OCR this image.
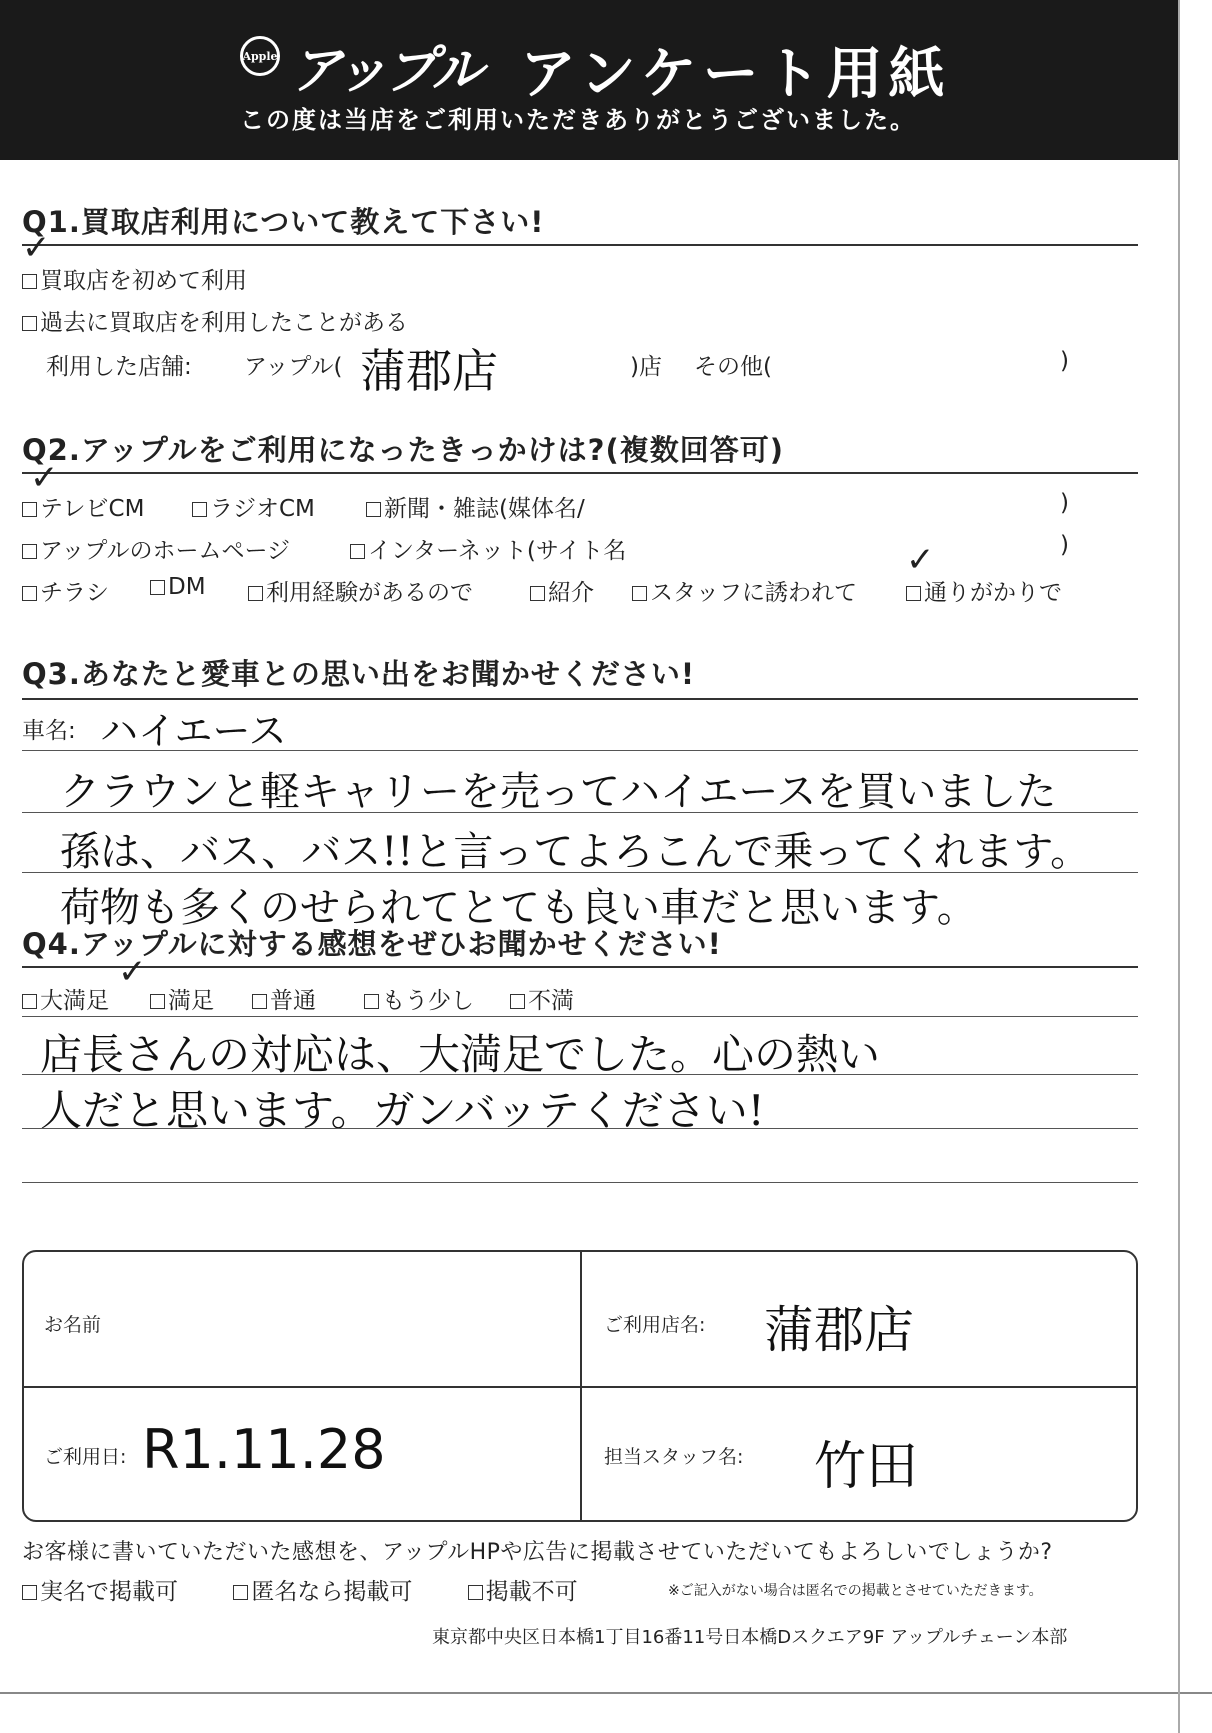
Apple アップル アンケート用紙
この度は当店をご利用いただきありがとうございました。
Q1.買取店利用について教えて下さい!
✓
買取店を初めて利用
過去に買取店を利用したことがある
利用した店舗: アップル( 蒲郡店	)店 その他(	)
Q2.アップルをご利用になったきっかけは?(複数回答可)
✓
テレビCM	ラジオCM	新聞・雑誌(媒体名/	)
アップルのホームページ	インターネット(サイト名	)
✓
チラシ	DM	利用経験があるので	紹介	スタッフに誘われて	通りがかりで
Q3.あなたと愛車との思い出をお聞かせください!
車名: ハイエース
クラウンと軽キャリーを売ってハイエースを買いました
孫は、バス、バス!!と言ってよろこんで乗ってくれます。
荷物も多くのせられてとても良い車だと思います。
Q4.アップルに対する感想をぜひお聞かせください!
✓
大満足	満足	普通	もう少し	不満
店長さんの対応は、大満足でした。心の熱い
人だと思います。ガンバッテください!
お名前	ご利用店名: 蒲郡店
ご利用日: R1.11.28	担当スタッフ名: 竹田
お客様に書いていただいた感想を、アップルHPや広告に掲載させていただいてもよろしいでしょうか?
実名で掲載可	匿名なら掲載可	掲載不可	※ご記入がない場合は匿名での掲載とさせていただきます。
東京都中央区日本橋1丁目16番11号日本橋Dスクエア9F アップルチェーン本部
